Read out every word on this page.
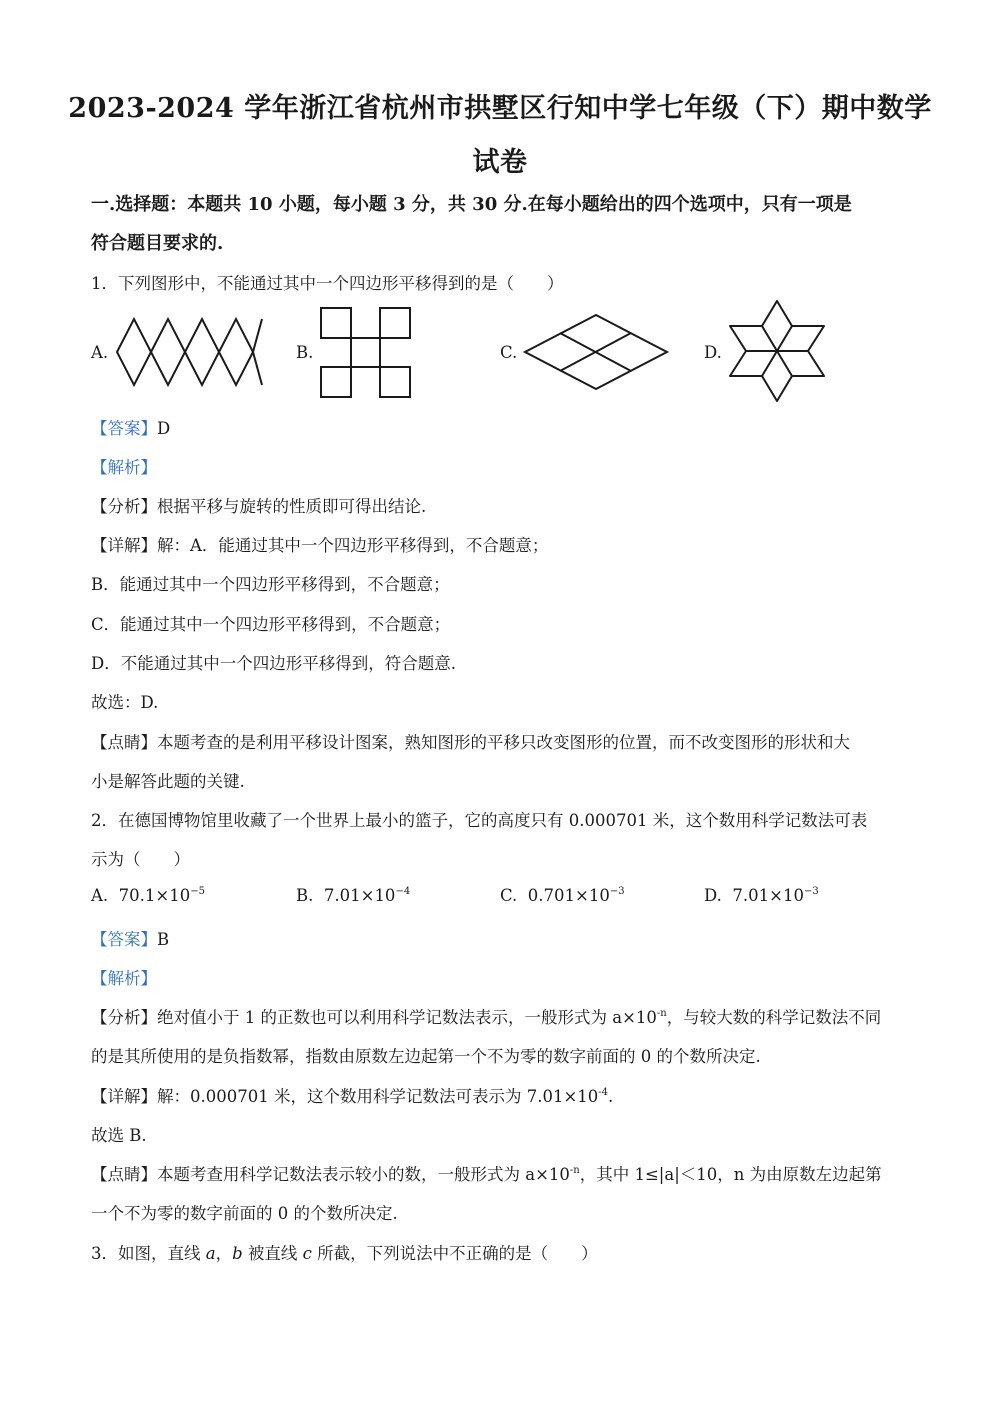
2023-2024 学年浙江省杭州市拱墅区行知中学七年级（下）期中数学
试卷
一.选择题：本题共 10 小题，每小题 3 分，共 30 分.在每小题给出的四个选项中，只有一项是
符合题目要求的.
1．下列图形中，不能通过其中一个四边形平移得到的是（　　）
A.	B.	C.	D.
【答案】D
【解析】
【分析】根据平移与旋转的性质即可得出结论.
【详解】解：A．能通过其中一个四边形平移得到，不合题意；
B．能通过其中一个四边形平移得到，不合题意；
C．能通过其中一个四边形平移得到，不合题意；
D．不能通过其中一个四边形平移得到，符合题意.
故选：D.
【点睛】本题考查的是利用平移设计图案，熟知图形的平移只改变图形的位置，而不改变图形的形状和大
小是解答此题的关键.
2．在德国博物馆里收藏了一个世界上最小的篮子，它的高度只有 0.000701 米，这个数用科学记数法可表
示为（　　）
A. $70.1\times 10^{-5}$	B. $7.01\times 10^{-4}$	C. $0.701\times 10^{-3}$	D. $7.01\times 10^{-3}$
【答案】B
【解析】
【分析】绝对值小于 1 的正数也可以利用科学记数法表示，一般形式为 $a\times 10^{-n}$，与较大数的科学记数法不同
的是其所使用的是负指数幂，指数由原数左边起第一个不为零的数字前面的 0 的个数所决定.
【详解】解：0.000701 米，这个数用科学记数法可表示为 $7.01\times 10^{-4}$.
故选 B.
【点睛】本题考查用科学记数法表示较小的数，一般形式为 $a\times 10^{-n}$，其中 1≤|a|＜10，n 为由原数左边起第
一个不为零的数字前面的 0 的个数所决定.
3．如图，直线 a，b 被直线 c 所截，下列说法中不正确的是（　　）
